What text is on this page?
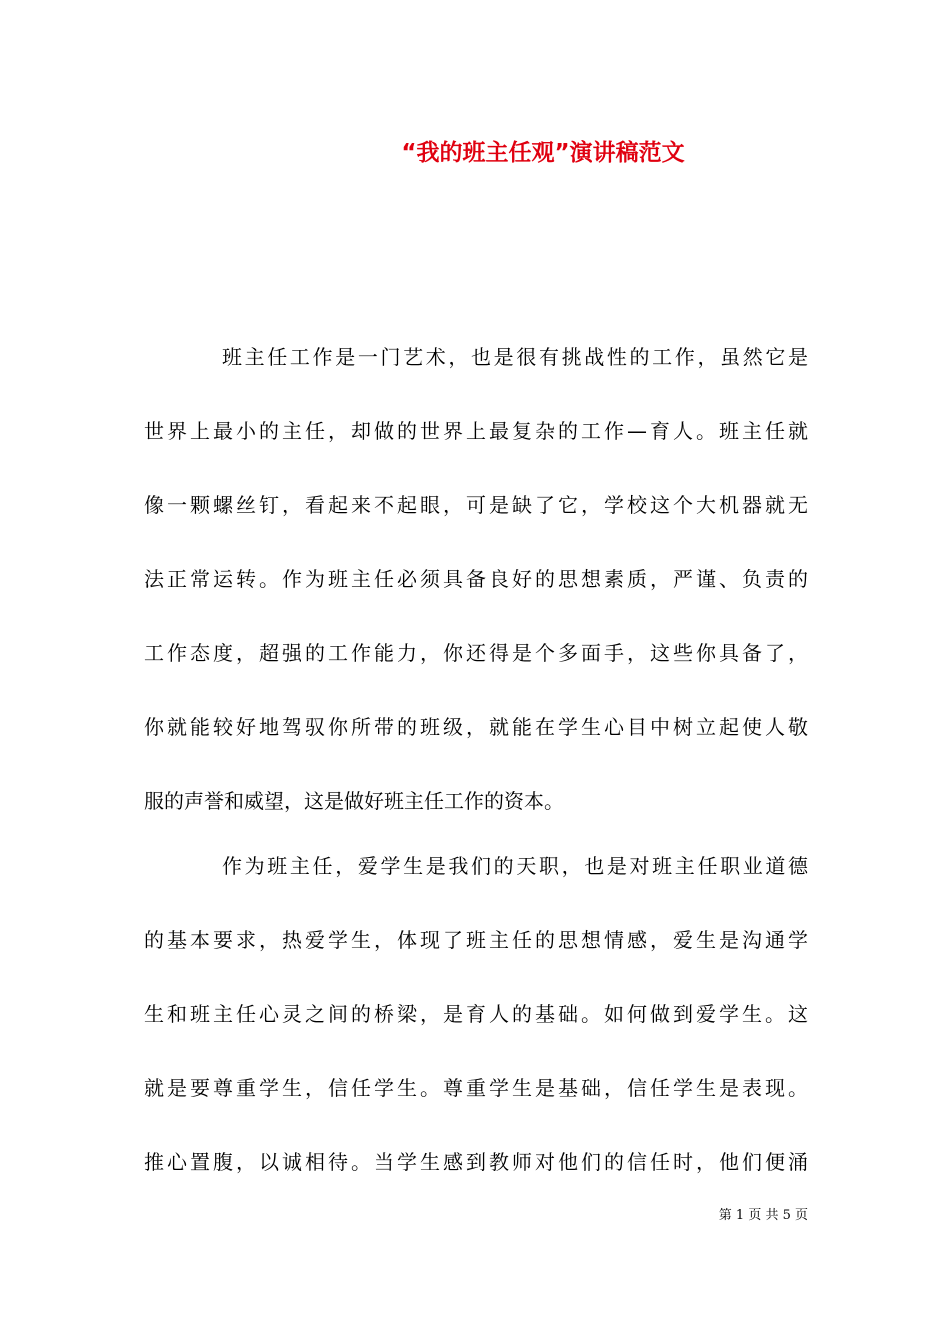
“我的班主任观”演讲稿范文
班主任工作是一门艺术，也是很有挑战性的工作，虽然它是
世界上最小的主任，却做的世界上最复杂的工作—育人。班主任就
像一颗螺丝钉，看起来不起眼，可是缺了它，学校这个大机器就无
法正常运转。作为班主任必须具备良好的思想素质，严谨、负责的
工作态度，超强的工作能力，你还得是个多面手，这些你具备了，
你就能较好地驾驭你所带的班级，就能在学生心目中树立起使人敬
服的声誉和威望，这是做好班主任工作的资本。
作为班主任，爱学生是我们的天职，也是对班主任职业道德
的基本要求，热爱学生，体现了班主任的思想情感，爱生是沟通学
生和班主任心灵之间的桥梁，是育人的基础。如何做到爱学生。这
就是要尊重学生，信任学生。尊重学生是基础，信任学生是表现。
推心置腹，以诚相待。当学生感到教师对他们的信任时，他们便涌
第 1 页 共 5 页
